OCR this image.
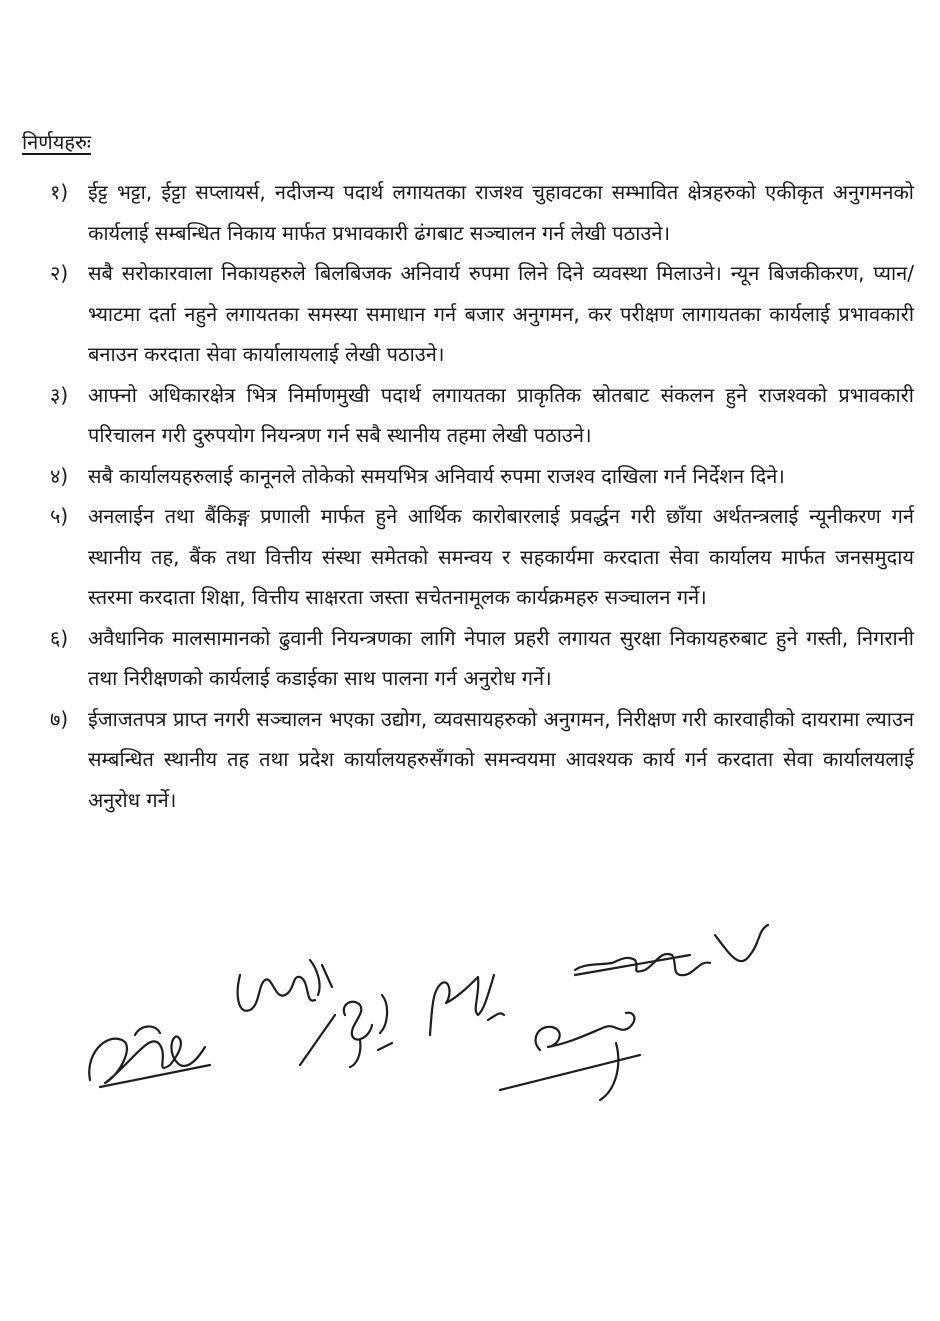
निर्णयहरुः
१) ईट्ट भट्टा, ईट्टा सप्लायर्स, नदीजन्य पदार्थ लगायतका राजश्व चुहावटका सम्भावित क्षेत्रहरुको एकीकृत अनुगमनको कार्यलाई सम्बन्धित निकाय मार्फत प्रभावकारी ढंगबाट सञ्चालन गर्न लेखी पठाउने।
२) सबै सरोकारवाला निकायहरुले बिलबिजक अनिवार्य रुपमा लिने दिने व्यवस्था मिलाउने। न्यून बिजकीकरण, प्यान/भ्याटमा दर्ता नहुने लगायतका समस्या समाधान गर्न बजार अनुगमन, कर परीक्षण लागायतका कार्यलाई प्रभावकारी बनाउन करदाता सेवा कार्यालायलाई लेखी पठाउने।
३) आफ्नो अधिकारक्षेत्र भित्र निर्माणमुखी पदार्थ लगायतका प्राकृतिक स्रोतबाट संकलन हुने राजश्वको प्रभावकारी परिचालन गरी दुरुपयोग नियन्त्रण गर्न सबै स्थानीय तहमा लेखी पठाउने।
४) सबै कार्यालयहरुलाई कानूनले तोकेको समयभित्र अनिवार्य रुपमा राजश्व दाखिला गर्न निर्देशन दिने।
५) अनलाईन तथा बैंकिङ्ग प्रणाली मार्फत हुने आर्थिक कारोबारलाई प्रवर्द्धन गरी छाँया अर्थतन्त्रलाई न्यूनीकरण गर्न स्थानीय तह, बैंक तथा वित्तीय संस्था समेतको समन्वय र सहकार्यमा करदाता सेवा कार्यालय मार्फत जनसमुदाय स्तरमा करदाता शिक्षा, वित्तीय साक्षरता जस्ता सचेतनामूलक कार्यक्रमहरु सञ्चालन गर्ने।
६) अवैधानिक मालसामानको ढुवानी नियन्त्रणका लागि नेपाल प्रहरी लगायत सुरक्षा निकायहरुबाट हुने गस्ती, निगरानी तथा निरीक्षणको कार्यलाई कडाईका साथ पालना गर्न अनुरोध गर्ने।
७) ईजाजतपत्र प्राप्त नगरी सञ्चालन भएका उद्योग, व्यवसायहरुको अनुगमन, निरीक्षण गरी कारवाहीको दायरामा ल्याउन सम्बन्धित स्थानीय तह तथा प्रदेश कार्यालयहरुसँगको समन्वयमा आवश्यक कार्य गर्न करदाता सेवा कार्यालयलाई अनुरोध गर्ने।
